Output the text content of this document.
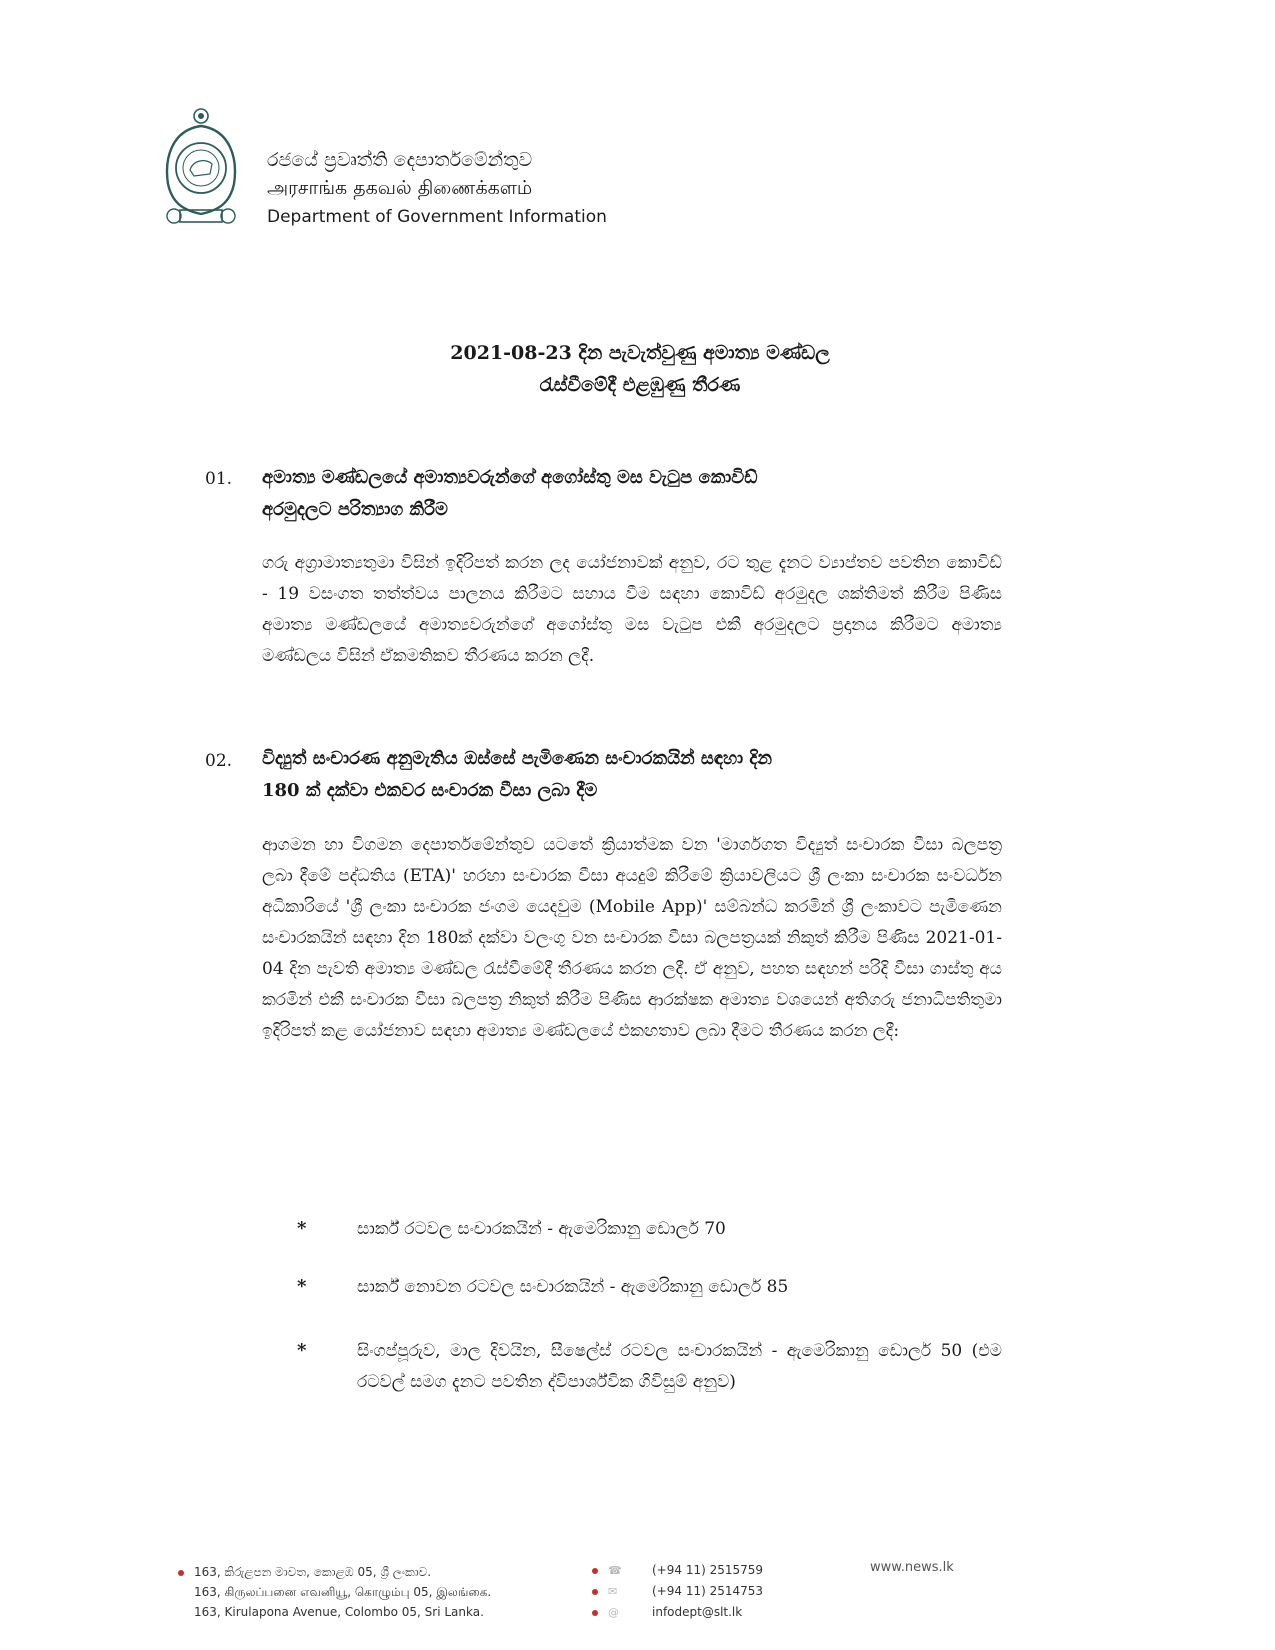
රජයේ ප්‍රවෘත්ති දෙපාර්තමේන්තුව
அரசாங்க தகவல் திணைக்களம்
Department of Government Information
2021-08-23 දින පැවැත්වුණු අමාත්‍ය මණ්ඩල
රැස්වීමේදී එළඹුණු තීරණ
01. අමාත්‍ය මණ්ඩලයේ අමාත්‍යවරුන්ගේ අගෝස්තු මස වැටුප කොවිඩ්
අරමුදලට පරිත්‍යාග කිරීම
ගරු අග්‍රාමාත්‍යතුමා විසින් ඉදිරිපත් කරන ලද යෝජනාවක් අනුව, රට තුළ දැනට ව්‍යාප්තව පවතින කොවිඩ් - 19 වසංගත තත්ත්වය පාලනය කිරීමට සහාය වීම සඳහා කොවිඩ් අරමුදල ශක්තිමත් කිරීම පිණිස අමාත්‍ය මණ්ඩලයේ අමාත්‍යවරුන්ගේ අගෝස්තු මස වැටුප එකී අරමුදලට ප්‍රදානය කිරීමට අමාත්‍ය මණ්ඩලය විසින් ඒකමතිකව තීරණය කරන ලදී.
02. විද්‍යුත් සංචාරණ අනුමැතිය ඔස්සේ පැමිණෙන සංචාරකයින් සඳහා දින
180 ක් දක්වා එකවර සංචාරක වීසා ලබා දීම
ආගමන හා විගමන දෙපාර්තමේන්තුව යටතේ ක්‍රියාත්මක වන 'මාර්ගගත විද්‍යුත් සංචාරක වීසා බලපත්‍ර ලබා දීමේ පද්ධතිය (ETA)' හරහා සංචාරක වීසා අයදුම් කිරීමේ ක්‍රියාවලියට ශ්‍රී ලංකා සංචාරක සංවර්ධන අධිකාරියේ 'ශ්‍රී ලංකා සංචාරක ජංගම යෙදවුම (Mobile App)' සම්බන්ධ කරමින් ශ්‍රී ලංකාවට පැමිණෙන සංචාරකයින් සඳහා දින 180ක් දක්වා වලංගු වන සංචාරක වීසා බලපත්‍රයක් නිකුත් කිරීම පිණිස 2021-01-04 දින පැවති අමාත්‍ය මණ්ඩල රැස්වීමේදී තීරණය කරන ලදී. ඒ අනුව, පහත සඳහන් පරිදි වීසා ගාස්තු අය කරමින් එකී සංචාරක වීසා බලපත්‍ර නිකුත් කිරීම පිණිස ආරක්ෂක අමාත්‍ය වශයෙන් අතිගරු ජනාධිපතිතුමා ඉදිරිපත් කළ යෝජනාව සඳහා අමාත්‍ය මණ්ඩලයේ එකඟතාව ලබා දීමට තීරණය කරන ලදී:
*	සාර්ක් රටවල සංචාරකයින් - ඇමෙරිකානු ඩොලර් 70
*	සාර්ක් නොවන රටවල සංචාරකයින් - ඇමෙරිකානු ඩොලර් 85
*	සිංගප්පූරුව, මාල දිවයින, සීෂෙල්ස් රටවල සංචාරකයින් - ඇමෙරිකානු ඩොලර් 50 (එම රටවල් සමග දැනට පවතින ද්විපාර්ශ්වික ගිවිසුම් අනුව)
163, කිරුළපන මාවත, කොළඹ 05, ශ්‍රී ලංකාව.
163, கிருலப்பனை எவனியூ, கொழும்பு 05, இலங்கை.
163, Kirulapona Avenue, Colombo 05, Sri Lanka.
☎	(+94 11) 2515759
✉	(+94 11) 2514753
@	infodept@slt.lk
www.news.lk
